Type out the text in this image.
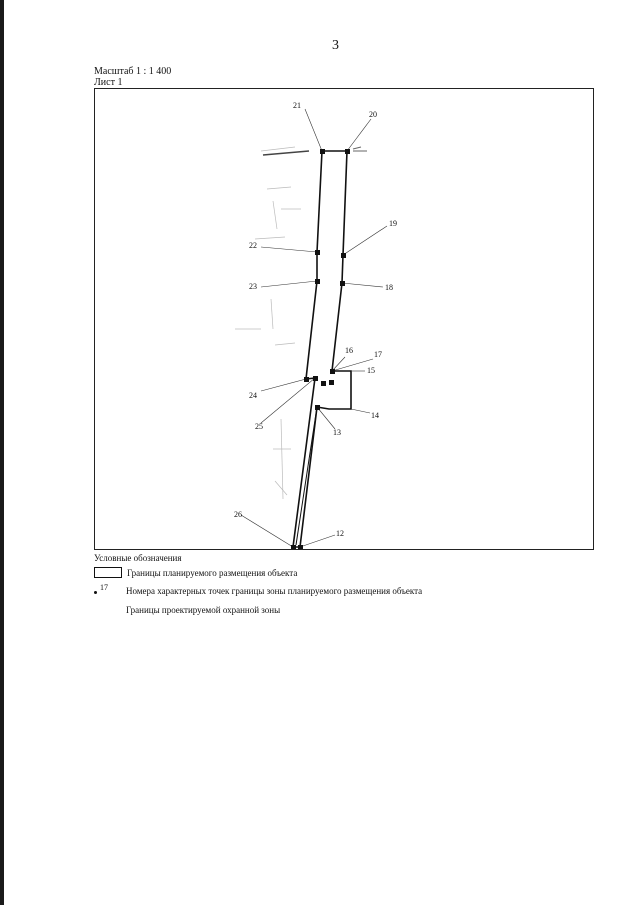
3
Масштаб 1 : 1 400
Лист 1
21
20
19
22
23	18
16	17
15
24
14
25
13
26
12
Условные обозначения
Границы планируемого размещения объекта
17 Номера характерных точек границы зоны планируемого размещения объекта
Границы проектируемой охранной зоны
